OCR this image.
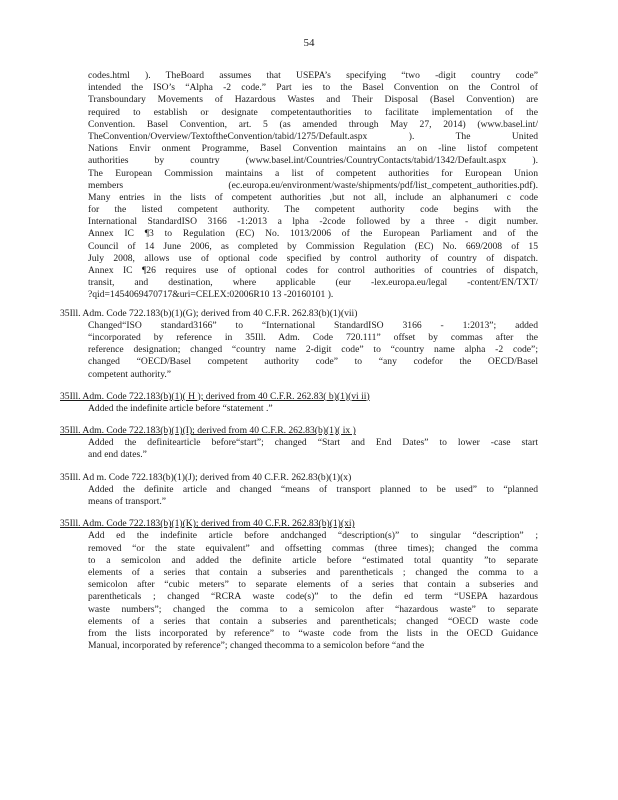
54
codes.html ). TheBoard assumes that USEPA’s specifying “two -digit country code”
intended the ISO’s “Alpha -2 code.” Part ies to the Basel Convention on the Control of
Transboundary Movements of Hazardous Wastes and Their Disposal (Basel Convention) are
required to establish or designate competentauthorities to facilitate implementation of the
Convention. Basel Convention, art. 5 (as amended through May 27, 2014) (www.basel.int/
TheConvention/Overview/TextoftheConvention/tabid/1275/Default.aspx ). The United
Nations Envir onment Programme, Basel Convention maintains an on -line listof competent
authorities by country (www.basel.int/Countries/CountryContacts/tabid/1342/Default.aspx ).
The European Commission maintains a list of competent authorities for European Union
members (ec.europa.eu/environment/waste/shipments/pdf/list_competent_authorities.pdf).
Many entries in the lists of competent authorities ,but not all, include an alphanumeri c code
for the listed competent authority. The competent authority code begins with the
International StandardISO 3166 -1:2013 a lpha -2code followed by a three - digit number.
Annex IC ¶3 to Regulation (EC) No. 1013/2006 of the European Parliament and of the
Council of 14 June 2006, as completed by Commission Regulation (EC) No. 669/2008 of 15
July 2008, allows use of optional code specified by control authority of country of dispatch.
Annex IC ¶26 requires use of optional codes for control authorities of countries of dispatch,
transit, and destination, where applicable (eur -lex.europa.eu/legal -content/EN/TXT/
?qid=1454069470717&uri=CELEX:02006R10 13 -20160101 ).
35Ill. Adm. Code 722.183(b)(1)(G); derived from 40 C.F.R. 262.83(b)(1)(vii)
Changed“ISO standard3166” to “International StandardISO 3166 - 1:2013”; added
“incorporated by reference in 35Ill. Adm. Code 720.111” offset by commas after the
reference designation; changed “country name 2-digit code” to “country name alpha -2 code”;
changed “OECD/Basel competent authority code” to “any codefor the OECD/Basel
competent authority.”
35Ill. Adm. Code 722.183(b)(1)( H ); derived from 40 C.F.R. 262.83( b)(1)(vi ii)
Added the indefinite article before “statement .”
35Ill. Adm. Code 722.183(b)(1)(I); derived from 40 C.F.R. 262.83(b)(1)( ix )
Added the definitearticle before“start”; changed “Start and End Dates” to lower -case start
and end dates.”
35Ill. Ad m. Code 722.183(b)(1)(J); derived from 40 C.F.R. 262.83(b)(1)(x)
Added the definite article and changed “means of transport planned to be used” to “planned
means of transport.”
35Ill. Adm. Code 722.183(b)(1)(K); derived from 40 C.F.R. 262.83(b)(1)(xi)
Add ed the indefinite article before andchanged “description(s)” to singular “description” ;
removed “or the state equivalent” and offsetting commas (three times); changed the comma
to a semicolon and added the definite article before “estimated total quantity ”to separate
elements of a series that contain a subseries and parentheticals ; changed the comma to a
semicolon after “cubic meters” to separate elements of a series that contain a subseries and
parentheticals ; changed “RCRA waste code(s)” to the defin ed term “USEPA hazardous
waste numbers”; changed the comma to a semicolon after “hazardous waste” to separate
elements of a series that contain a subseries and parentheticals; changed “OECD waste code
from the lists incorporated by reference” to “waste code from the lists in the OECD Guidance
Manual, incorporated by reference”; changed thecomma to a semicolon before “and the
